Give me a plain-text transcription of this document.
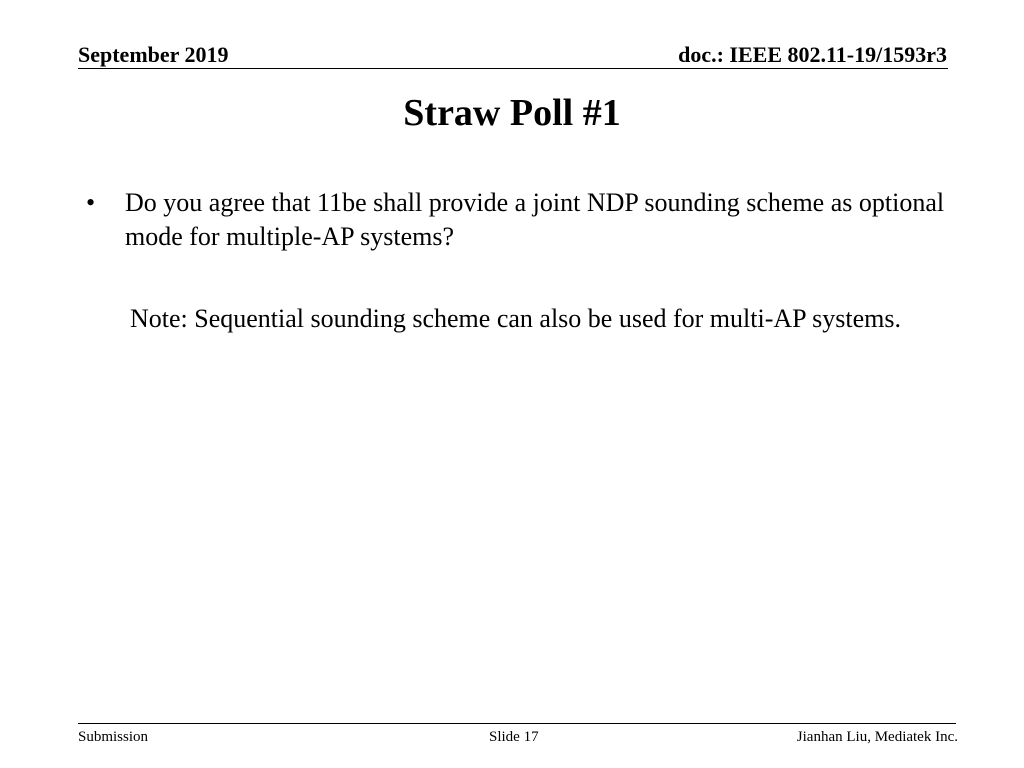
September 2019	doc.: IEEE 802.11-19/1593r3
Straw Poll #1
•	Do you agree that 11be shall provide a joint NDP sounding scheme as optional mode for multiple-AP systems?
Note: Sequential sounding scheme can also be used for multi-AP systems.
Submission	Slide 17	Jianhan Liu, Mediatek Inc.
